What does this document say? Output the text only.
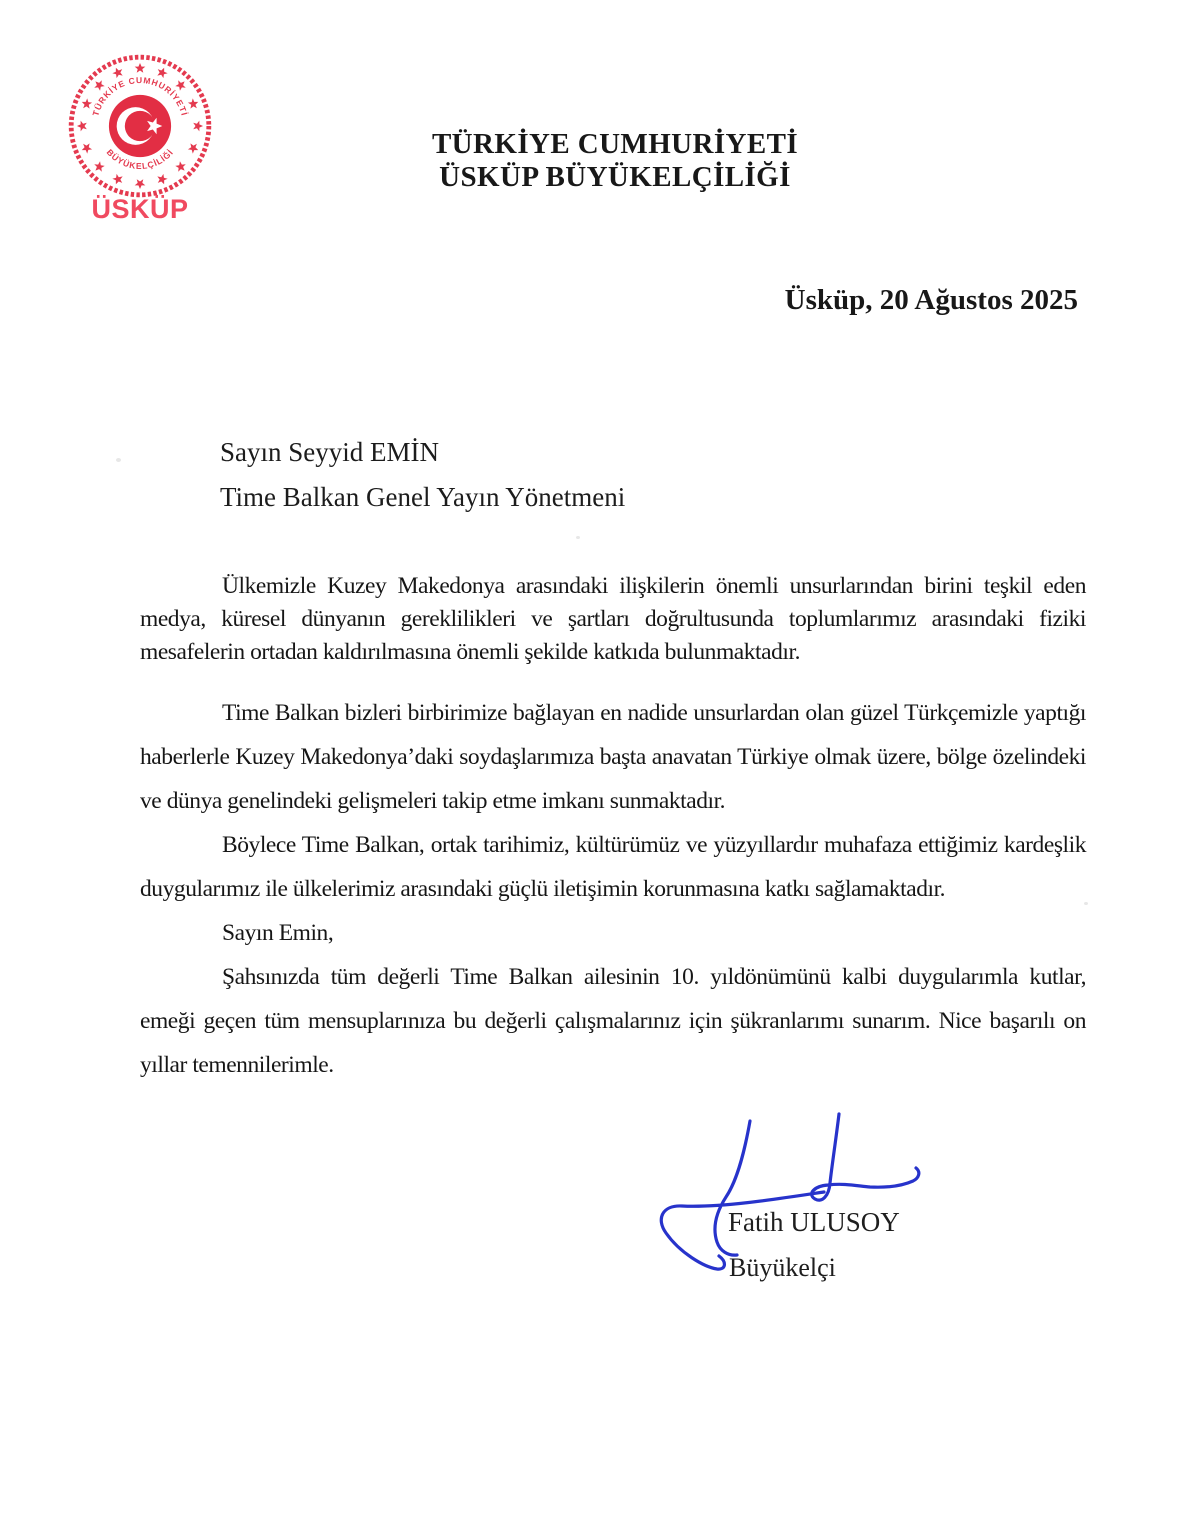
TÜRKİYE CUMHURİYETİ
BÜYÜKELÇİLİĞİ
ÜSKÜP
TÜRKİYE CUMHURİYETİ
ÜSKÜP BÜYÜKELÇİLİĞİ
Üsküp, 20 Ağustos 2025
Sayın Seyyid EMİN
Time Balkan Genel Yayın Yönetmeni

Ülkemizle Kuzey Makedonya arasındaki ilişkilerin önemli unsurlarından birini teşkil eden medya, küresel dünyanın gereklilikleri ve şartları doğrultusunda toplumlarımız arasındaki fiziki mesafelerin ortadan kaldırılmasına önemli şekilde katkıda bulunmaktadır.

Time Balkan bizleri birbirimize bağlayan en nadide unsurlardan olan güzel Türkçemizle yaptığı haberlerle Kuzey Makedonya’daki soydaşlarımıza başta anavatan Türkiye olmak üzere, bölge özelindeki ve dünya genelindeki gelişmeleri takip etme imkanı sunmaktadır.

Böylece Time Balkan, ortak tarihimiz, kültürümüz ve yüzyıllardır muhafaza ettiğimiz kardeşlik duygularımız ile ülkelerimiz arasındaki güçlü iletişimin korunmasına katkı sağlamaktadır.

Sayın Emin,

Şahsınızda tüm değerli Time Balkan ailesinin 10. yıldönümünü kalbi duygularımla kutlar, emeği geçen tüm mensuplarınıza bu değerli çalışmalarınız için şükranlarımı sunarım. Nice başarılı on yıllar temennilerimle.

Fatih ULUSOY
Büyükelçi
